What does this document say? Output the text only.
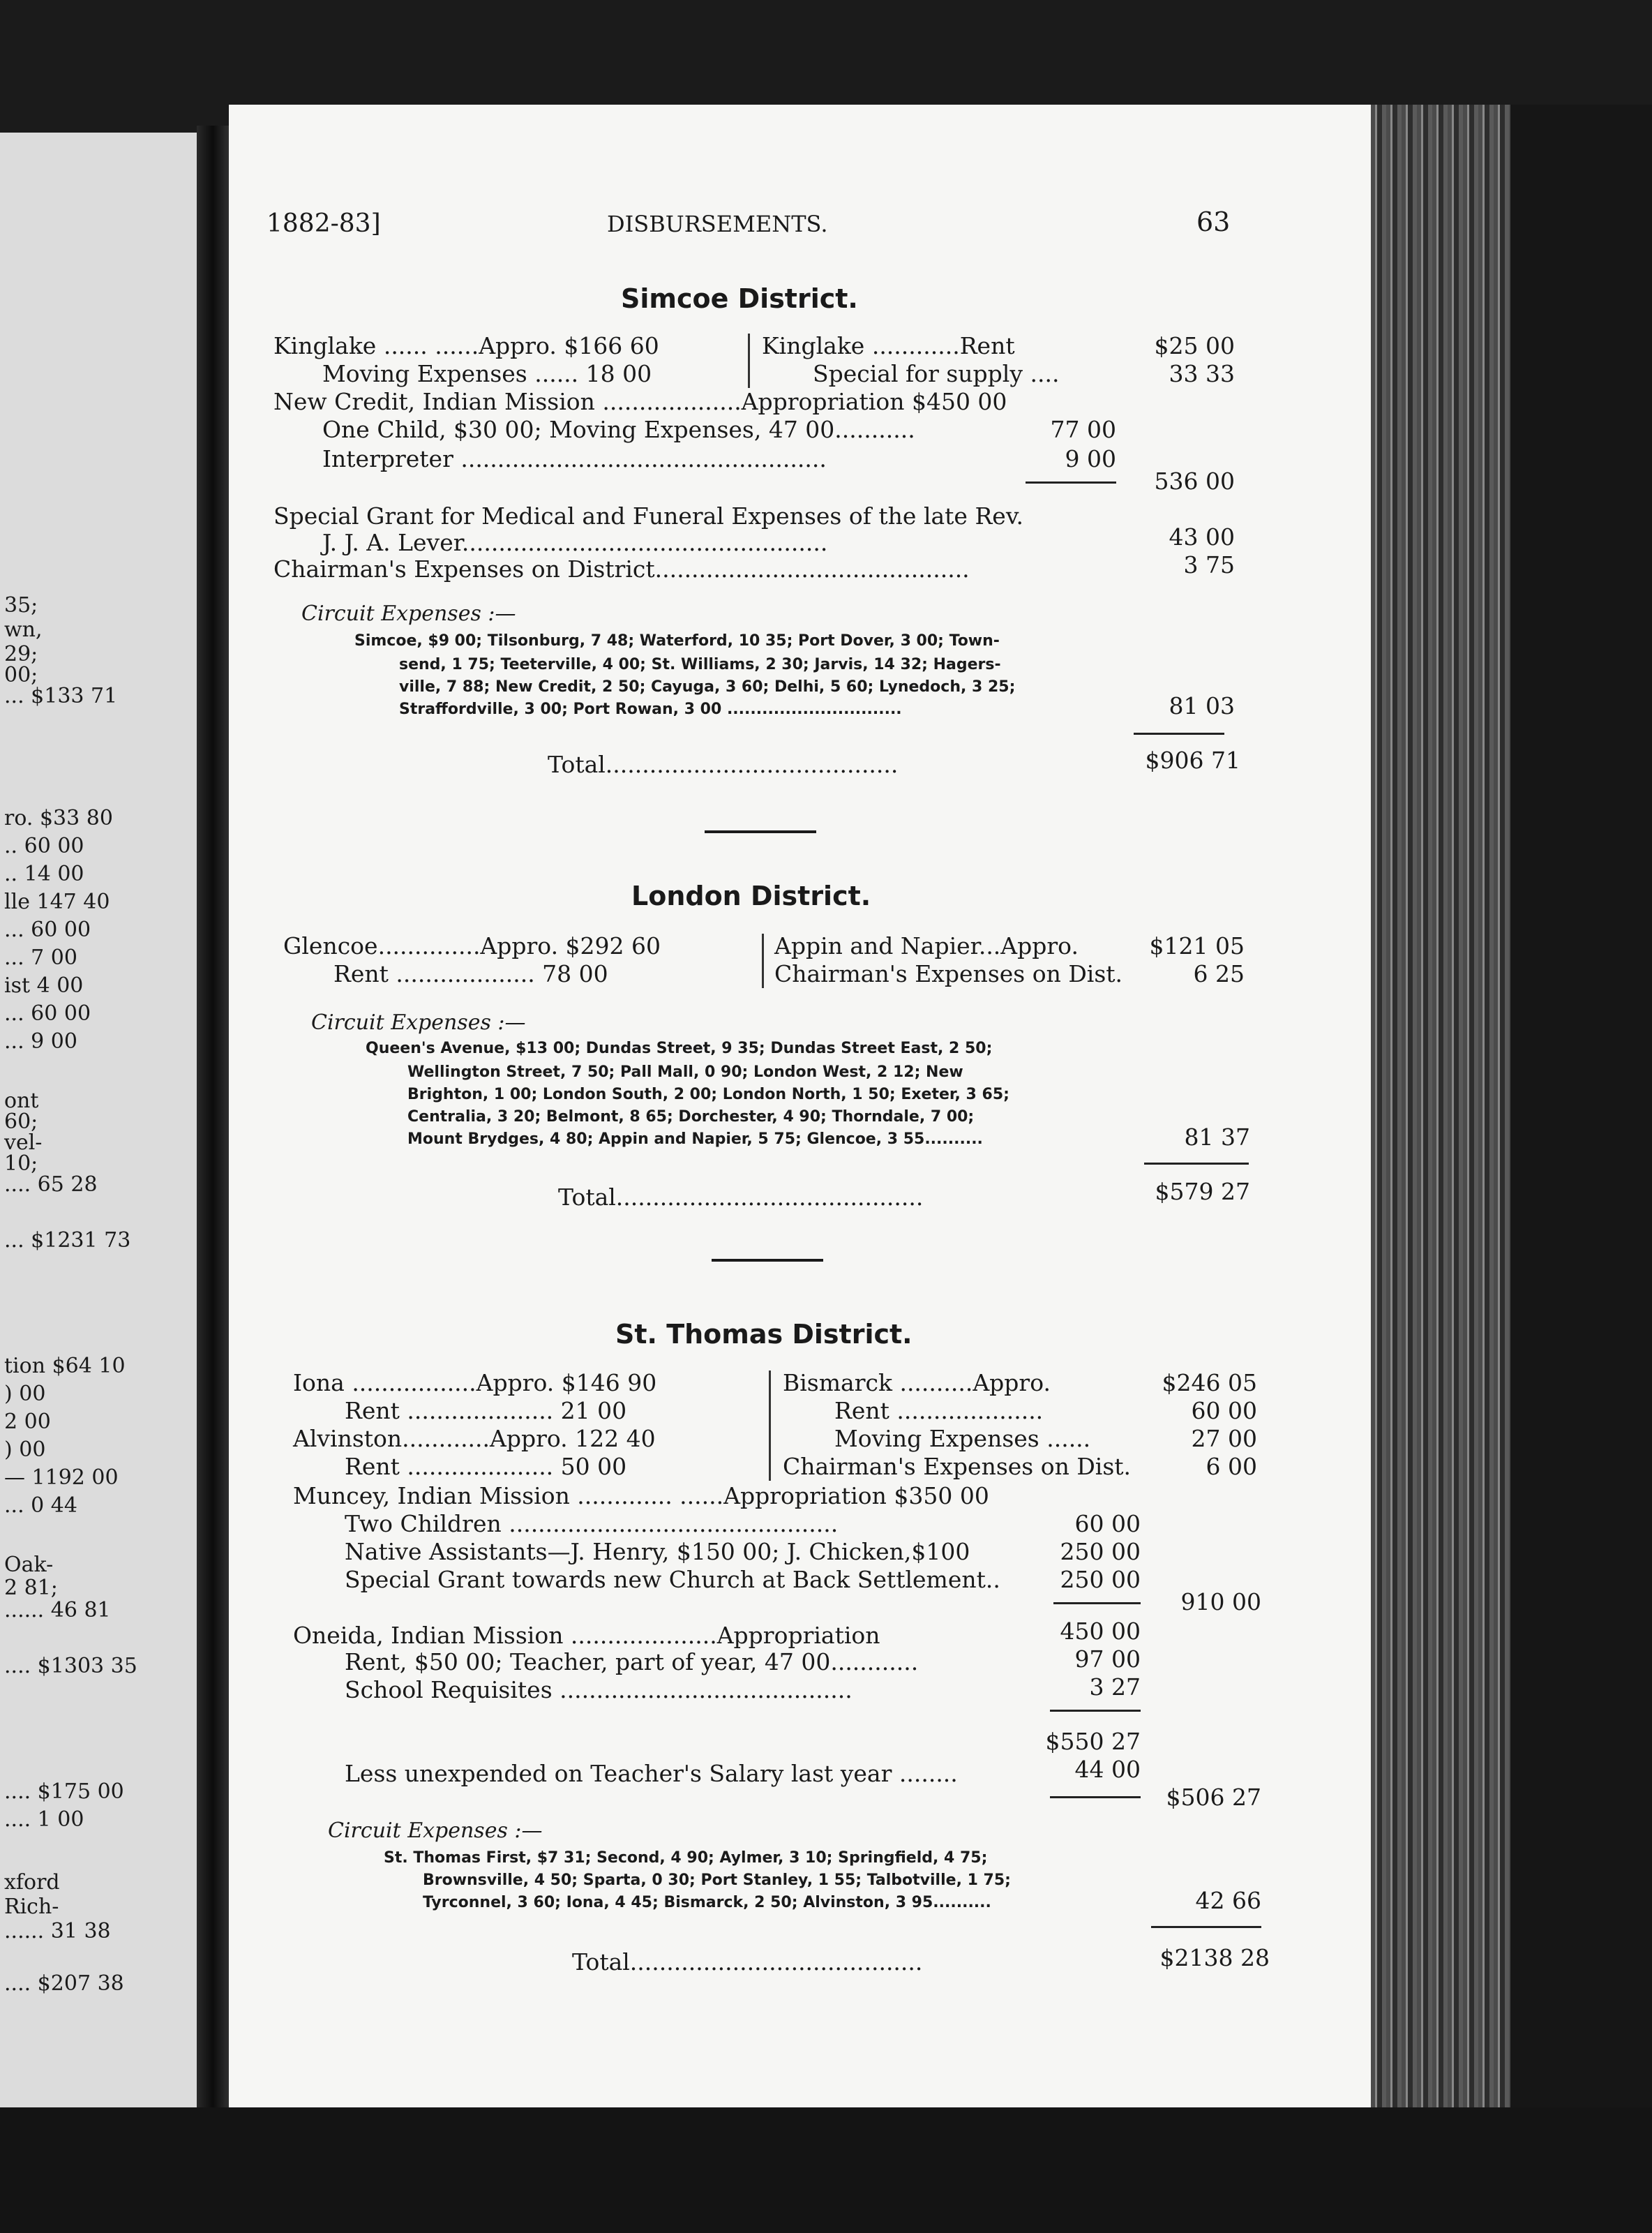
35;
wn,
29;
00;
... $133 71
ro. $33 80
.. 60 00
.. 14 00
lle 147 40
... 60 00
... 7 00
ist 4 00
... 60 00
... 9 00
ont
60;
vel-
10;
.... 65 28
... $1231 73
tion $64 10
) 00
2 00
) 00
— 1192 00
... 0 44
Oak-
2 81;
...... 46 81
.... $1303 35
.... $175 00
.... 1 00
xford
Rich-
...... 31 38
.... $207 38
1882-83]	DISBURSEMENTS.	63
Simcoe District.
Kinglake ...... ......Appro. $166 60
Moving Expenses ...... 18 00
Kinglake ............Rent	$25 00
Special for supply ....	33 33
New Credit, Indian Mission ...................Appropriation $450 00
One Child, $30 00; Moving Expenses, 47 00...........	77 00
Interpreter ..................................................	9 00
536 00
Special Grant for Medical and Funeral Expenses of the late Rev.
J. J. A. Lever..................................................	43 00
Chairman's Expenses on District...........................................	3 75
Circuit Expenses :—
Simcoe, $9 00; Tilsonburg, 7 48; Waterford, 10 35; Port Dover, 3 00; Town-
send, 1 75; Teeterville, 4 00; St. Williams, 2 30; Jarvis, 14 32; Hagers-
ville, 7 88; New Credit, 2 50; Cayuga, 3 60; Delhi, 5 60; Lynedoch, 3 25;
Straffordville, 3 00; Port Rowan, 3 00 ..............................	81 03
Total........................................	$906 71
London District.
Glencoe..............Appro. $292 60
Rent ................... 78 00
Appin and Napier...Appro.	$121 05
Chairman's Expenses on Dist.	6 25
Circuit Expenses :—
Queen's Avenue, $13 00; Dundas Street, 9 35; Dundas Street East, 2 50;
Wellington Street, 7 50; Pall Mall, 0 90; London West, 2 12; New
Brighton, 1 00; London South, 2 00; London North, 1 50; Exeter, 3 65;
Centralia, 3 20; Belmont, 8 65; Dorchester, 4 90; Thorndale, 7 00;
Mount Brydges, 4 80; Appin and Napier, 5 75; Glencoe, 3 55..........	81 37
Total..........................................	$579 27
St. Thomas District.
Iona .................Appro. $146 90
Rent .................... 21 00
Alvinston............Appro. 122 40
Rent .................... 50 00
Bismarck ..........Appro.	$246 05
Rent ....................	60 00
Moving Expenses ......	27 00
Chairman's Expenses on Dist.	6 00
Muncey, Indian Mission ............. ......Appropriation $350 00
Two Children .............................................	60 00
Native Assistants—J. Henry, $150 00; J. Chicken,$100	250 00
Special Grant towards new Church at Back Settlement..	250 00
910 00
Oneida, Indian Mission ....................Appropriation	450 00
Rent, $50 00; Teacher, part of year, 47 00............	97 00
School Requisites ........................................	3 27
$550 27
Less unexpended on Teacher's Salary last year ........	44 00
$506 27
Circuit Expenses :—
St. Thomas First, $7 31; Second, 4 90; Aylmer, 3 10; Springfield, 4 75;
Brownsville, 4 50; Sparta, 0 30; Port Stanley, 1 55; Talbotville, 1 75;
Tyrconnel, 3 60; Iona, 4 45; Bismarck, 2 50; Alvinston, 3 95..........	42 66
Total........................................	$2138 28
